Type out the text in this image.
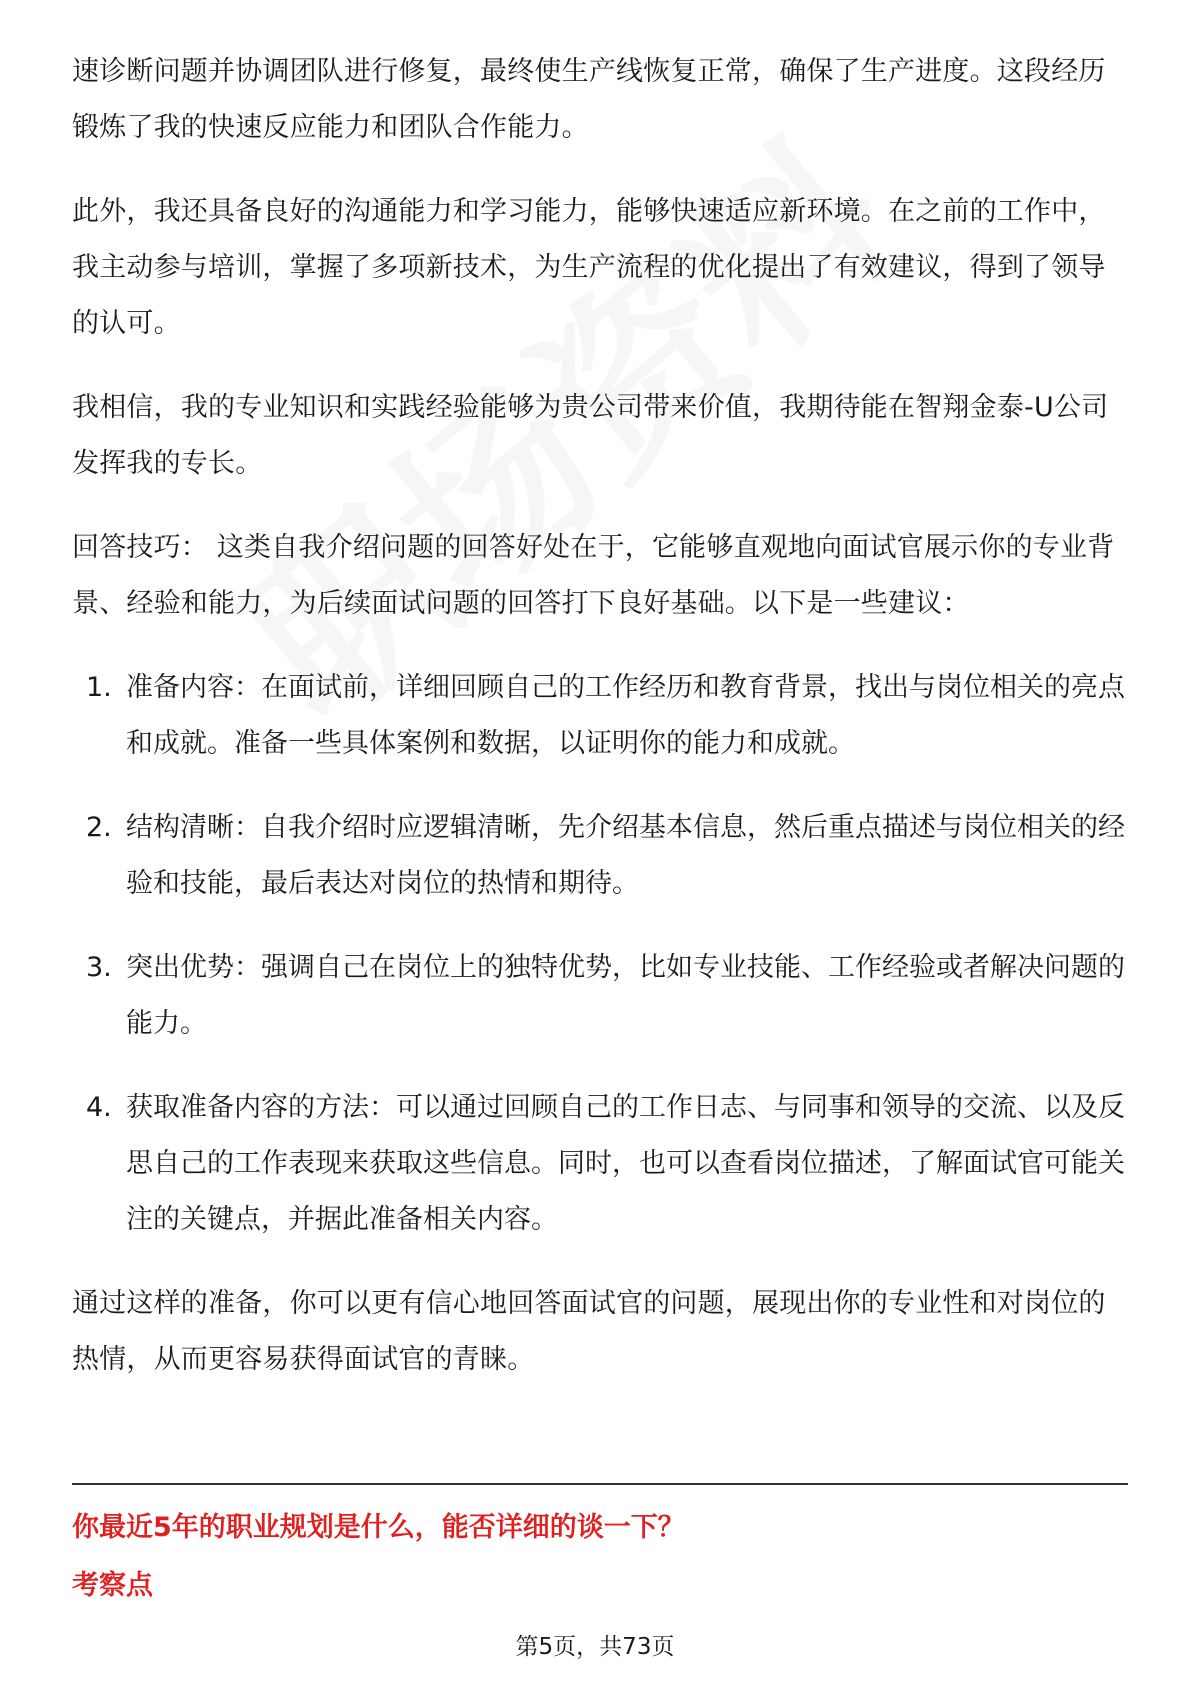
速诊断问题并协调团队进行修复，最终使生产线恢复正常，确保了生产进度。这段经历锻炼了我的快速反应能力和团队合作能力。

此外，我还具备良好的沟通能力和学习能力，能够快速适应新环境。在之前的工作中，我主动参与培训，掌握了多项新技术，为生产流程的优化提出了有效建议，得到了领导的认可。

我相信，我的专业知识和实践经验能够为贵公司带来价值，我期待能在智翔金泰-U公司发挥我的专长。

回答技巧： 这类自我介绍问题的回答好处在于，它能够直观地向面试官展示你的专业背景、经验和能力，为后续面试问题的回答打下良好基础。以下是一些建议：

1. 准备内容：在面试前，详细回顾自己的工作经历和教育背景，找出与岗位相关的亮点和成就。准备一些具体案例和数据，以证明你的能力和成就。
2. 结构清晰：自我介绍时应逻辑清晰，先介绍基本信息，然后重点描述与岗位相关的经验和技能，最后表达对岗位的热情和期待。
3. 突出优势：强调自己在岗位上的独特优势，比如专业技能、工作经验或者解决问题的能力。
4. 获取准备内容的方法：可以通过回顾自己的工作日志、与同事和领导的交流、以及反思自己的工作表现来获取这些信息。同时，也可以查看岗位描述，了解面试官可能关注的关键点，并据此准备相关内容。

通过这样的准备，你可以更有信心地回答面试官的问题，展现出你的专业性和对岗位的热情，从而更容易获得面试官的青睐。

你最近5年的职业规划是什么，能否详细的谈一下？
考察点
第5页，共73页
